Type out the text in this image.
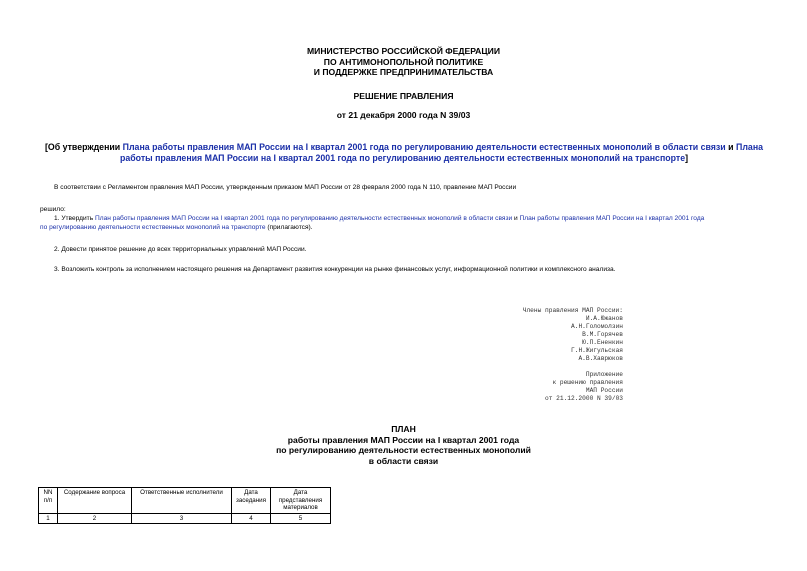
МИНИСТЕРСТВО РОССИЙСКОЙ ФЕДЕРАЦИИ
ПО АНТИМОНОПОЛЬНОЙ ПОЛИТИКЕ
И ПОДДЕРЖКЕ ПРЕДПРИНИМАТЕЛЬСТВА
РЕШЕНИЕ ПРАВЛЕНИЯ
от 21 декабря 2000 года N 39/03
[Об утверждении Плана работы правления МАП России на I квартал 2001 года по регулированию деятельности естественных монополий в области связи и Плана
работы правления МАП России на I квартал 2001 года по регулированию деятельности естественных монополий на транспорте]
В соответствии с Регламентом правления МАП России, утвержденным приказом МАП России от 28 февраля 2000 года N 110, правление МАП России
решило:
1. Утвердить План работы правления МАП России на I квартал 2001 года по регулированию деятельности естественных монополий в области связи и План работы правления МАП России на I квартал 2001 года
по регулированию деятельности естественных монополий на транспорте (прилагаются).
2. Довести принятое решение до всех территориальных управлений МАП России.
3. Возложить контроль за исполнением настоящего решения на Департамент развития конкуренции на рынке финансовых услуг, информационной политики и комплексного анализа.
Члены правления МАП России:
И.А.Южанов
А.Н.Голомолзин
В.М.Горячев
Ю.П.Ененкин
Г.Н.Жигульская
А.В.Хаврюков
Приложение
к решению правления
МАП России
от 21.12.2000 N 39/03
ПЛАН
работы правления МАП России на I квартал 2001 года
по регулированию деятельности естественных монополий
в области связи
NN п/п	Содержание вопроса	Ответственные исполнители	Дата заседания	Дата представления материалов
1	2	3	4	5
